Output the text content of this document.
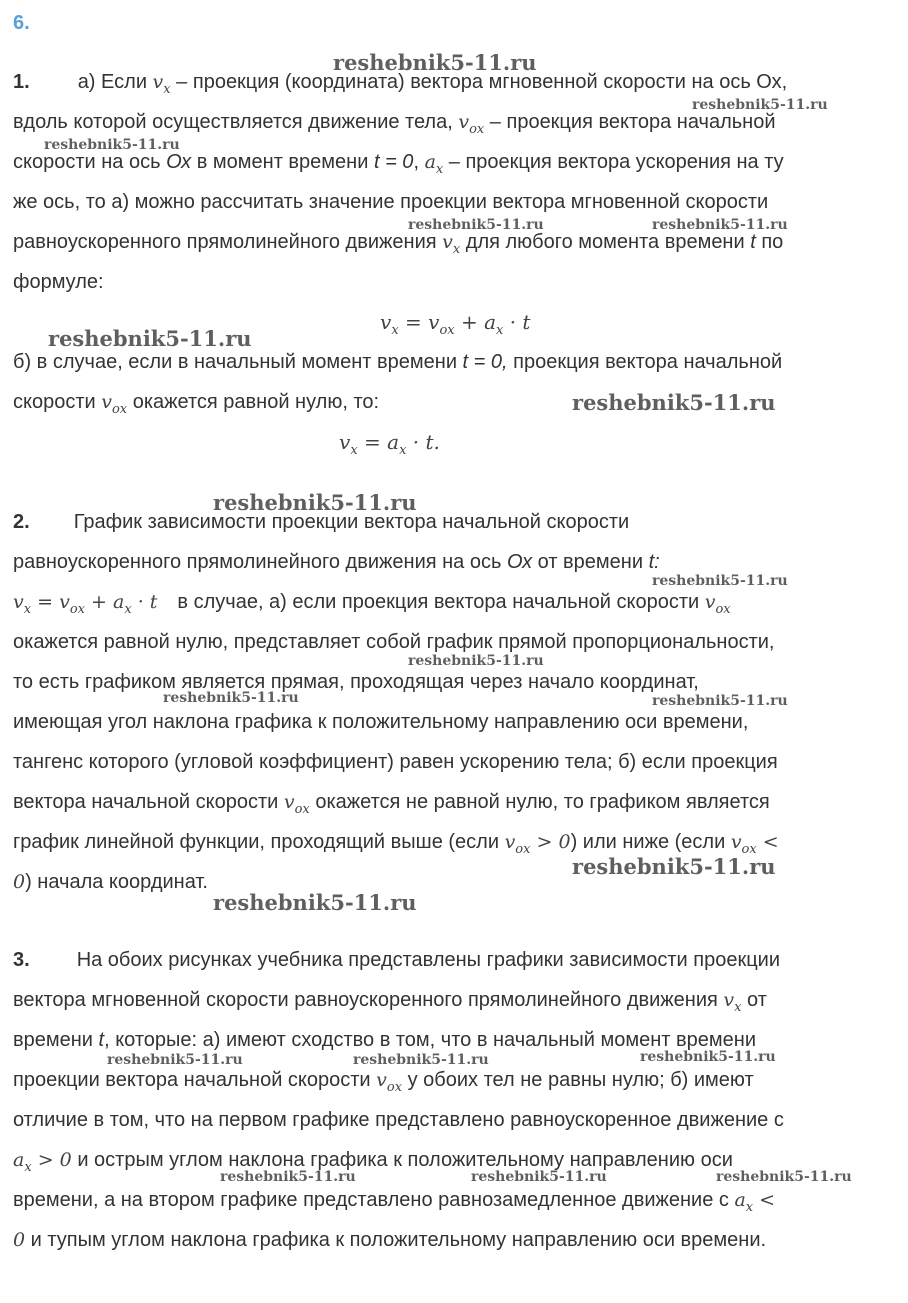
6.
reshebnik5-11.ru
reshebnik5-11.ru
reshebnik5-11.ru
reshebnik5-11.ru	reshebnik5-11.ru
reshebnik5-11.ru
reshebnik5-11.ru
reshebnik5-11.ru
reshebnik5-11.ru
reshebnik5-11.ru
reshebnik5-11.ru	reshebnik5-11.ru
reshebnik5-11.ru
reshebnik5-11.ru
reshebnik5-11.ru	reshebnik5-11.ru	reshebnik5-11.ru
reshebnik5-11.ru	reshebnik5-11.ru	reshebnik5-11.ru
1. а) Если $v_x$ – проекция (координата) вектора мгновенной скорости на ось Ох,
вдоль которой осуществляется движение тела, $v_{ox}$ – проекция вектора начальной
скорости на ось Ох в момент времени t = 0, $a_x$ – проекция вектора ускорения на ту
же ось, то а) можно рассчитать значение проекции вектора мгновенной скорости
равноускоренного прямолинейного движения $v_x$ для любого момента времени t по
формуле:
$v_x = v_{ox} + a_x \cdot t$
б) в случае, если в начальный момент времени t = 0, проекция вектора начальной
скорости $v_{ox}$ окажется равной нулю, то:
$v_x = a_x \cdot t$.
2. График зависимости проекции вектора начальной скорости
равноускоренного прямолинейного движения на ось Ох от времени t:
$v_x = v_{ox} + a_x \cdot t$ в случае, а) если проекция вектора начальной скорости $v_{ox}$
окажется равной нулю, представляет собой график прямой пропорциональности,
то есть графиком является прямая, проходящая через начало координат,
имеющая угол наклона графика к положительному направлению оси времени,
тангенс которого (угловой коэффициент) равен ускорению тела; б) если проекция
вектора начальной скорости $v_{ox}$ окажется не равной нулю, то графиком является
график линейной функции, проходящий выше (если $v_{ox} > 0$) или ниже (если $v_{ox}$ <
0) начала координат.
3. На обоих рисунках учебника представлены графики зависимости проекции
вектора мгновенной скорости равноускоренного прямолинейного движения $v_x$ от
времени t, которые: а) имеют сходство в том, что в начальный момент времени
проекции вектора начальной скорости $v_{ox}$ у обоих тел не равны нулю; б) имеют
отличие в том, что на первом графике представлено равноускоренное движение с
$a_x > 0$ и острым углом наклона графика к положительному направлению оси
времени, а на втором графике представлено равнозамедленное движение с $a_x$ <
0 и тупым углом наклона графика к положительному направлению оси времени.
